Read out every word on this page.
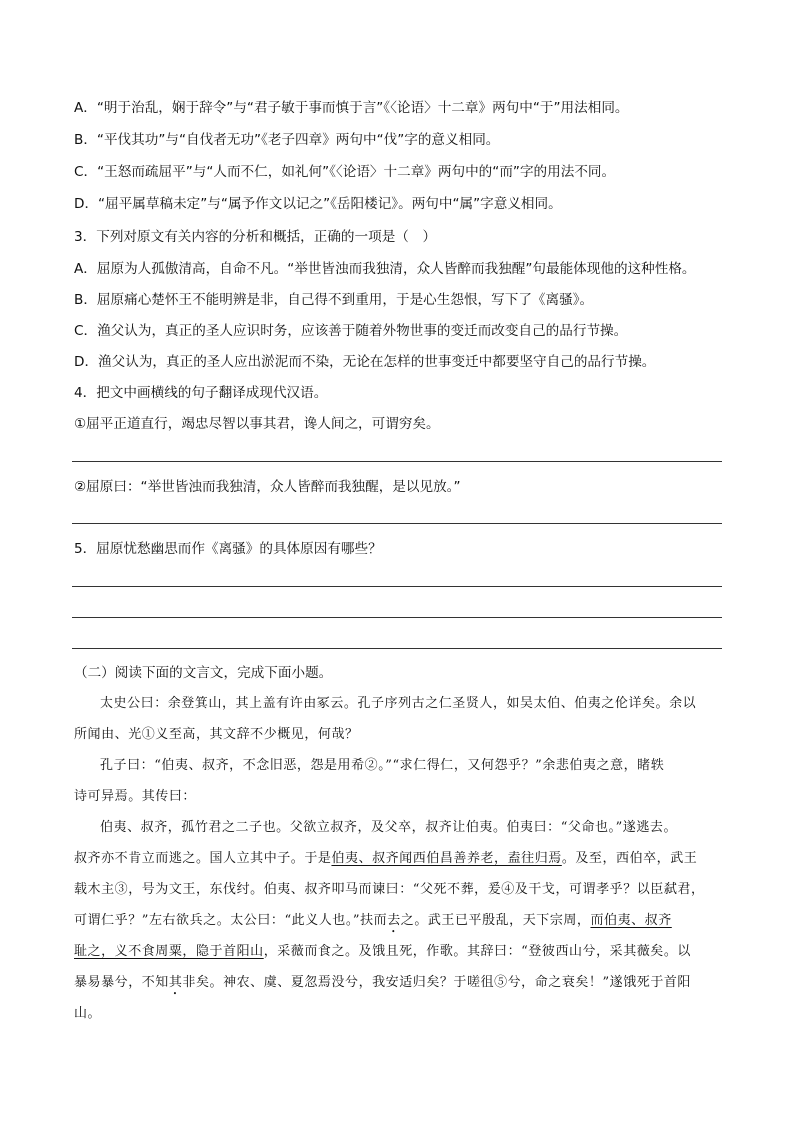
A．“明于治乱，娴于辞令”与“君子敏于事而慎于言”《〈论语〉十二章》两句中“于”用法相同。
B．“平伐其功”与“自伐者无功”《老子四章》两句中“伐”字的意义相同。
C．“王怒而疏屈平”与“人而不仁，如礼何”《〈论语〉十二章》两句中的“而”字的用法不同。
D．“屈平属草稿未定”与“属予作文以记之”《岳阳楼记》。两句中“属”字意义相同。
3．下列对原文有关内容的分析和概括，正确的一项是（　）
A．屈原为人孤傲清高，自命不凡。“举世皆浊而我独清，众人皆醉而我独醒”句最能体现他的这种性格。
B．屈原痛心楚怀王不能明辨是非，自己得不到重用，于是心生怨恨，写下了《离骚》。
C．渔父认为，真正的圣人应识时务，应该善于随着外物世事的变迁而改变自己的品行节操。
D．渔父认为，真正的圣人应出淤泥而不染，无论在怎样的世事变迁中都要坚守自己的品行节操。
4．把文中画横线的句子翻译成现代汉语。
①屈平正道直行，竭忠尽智以事其君，谗人间之，可谓穷矣。
②屈原曰：“举世皆浊而我独清，众人皆醉而我独醒，是以见放。”
5．屈原忧愁幽思而作《离骚》的具体原因有哪些？
（二）阅读下面的文言文，完成下面小题。
太史公曰：余登箕山，其上盖有许由冢云。孔子序列古之仁圣贤人，如吴太伯、伯夷之伦详矣。余以
所闻由、光①义至高，其文辞不少概见，何哉？
孔子曰：“伯夷、叔齐，不念旧恶，怨是用希②。”“求仁得仁，又何怨乎？”余悲伯夷之意，睹轶
诗可异焉。其传曰：
伯夷、叔齐，孤竹君之二子也。父欲立叔齐，及父卒，叔齐让伯夷。伯夷曰：“父命也。”遂逃去。
叔齐亦不肯立而逃之。国人立其中子。于是伯夷、叔齐闻西伯昌善养老，盍往归焉。及至，西伯卒，武王
载木主③，号为文王，东伐纣。伯夷、叔齐叩马而谏曰：“父死不葬，爰④及干戈，可谓孝乎？以臣弑君，
可谓仁乎？”左右欲兵之。太公曰：“此义人也。”扶而去之。武王已平殷乱，天下宗周，而伯夷、叔齐
耻之，义不食周粟，隐于首阳山，采薇而食之。及饿且死，作歌。其辞曰：“登彼西山兮，采其薇矣。以
暴易暴兮，不知其非矣。神农、虞、夏忽焉没兮，我安适归矣？于嗟徂⑤兮，命之衰矣！”遂饿死于首阳
山。
